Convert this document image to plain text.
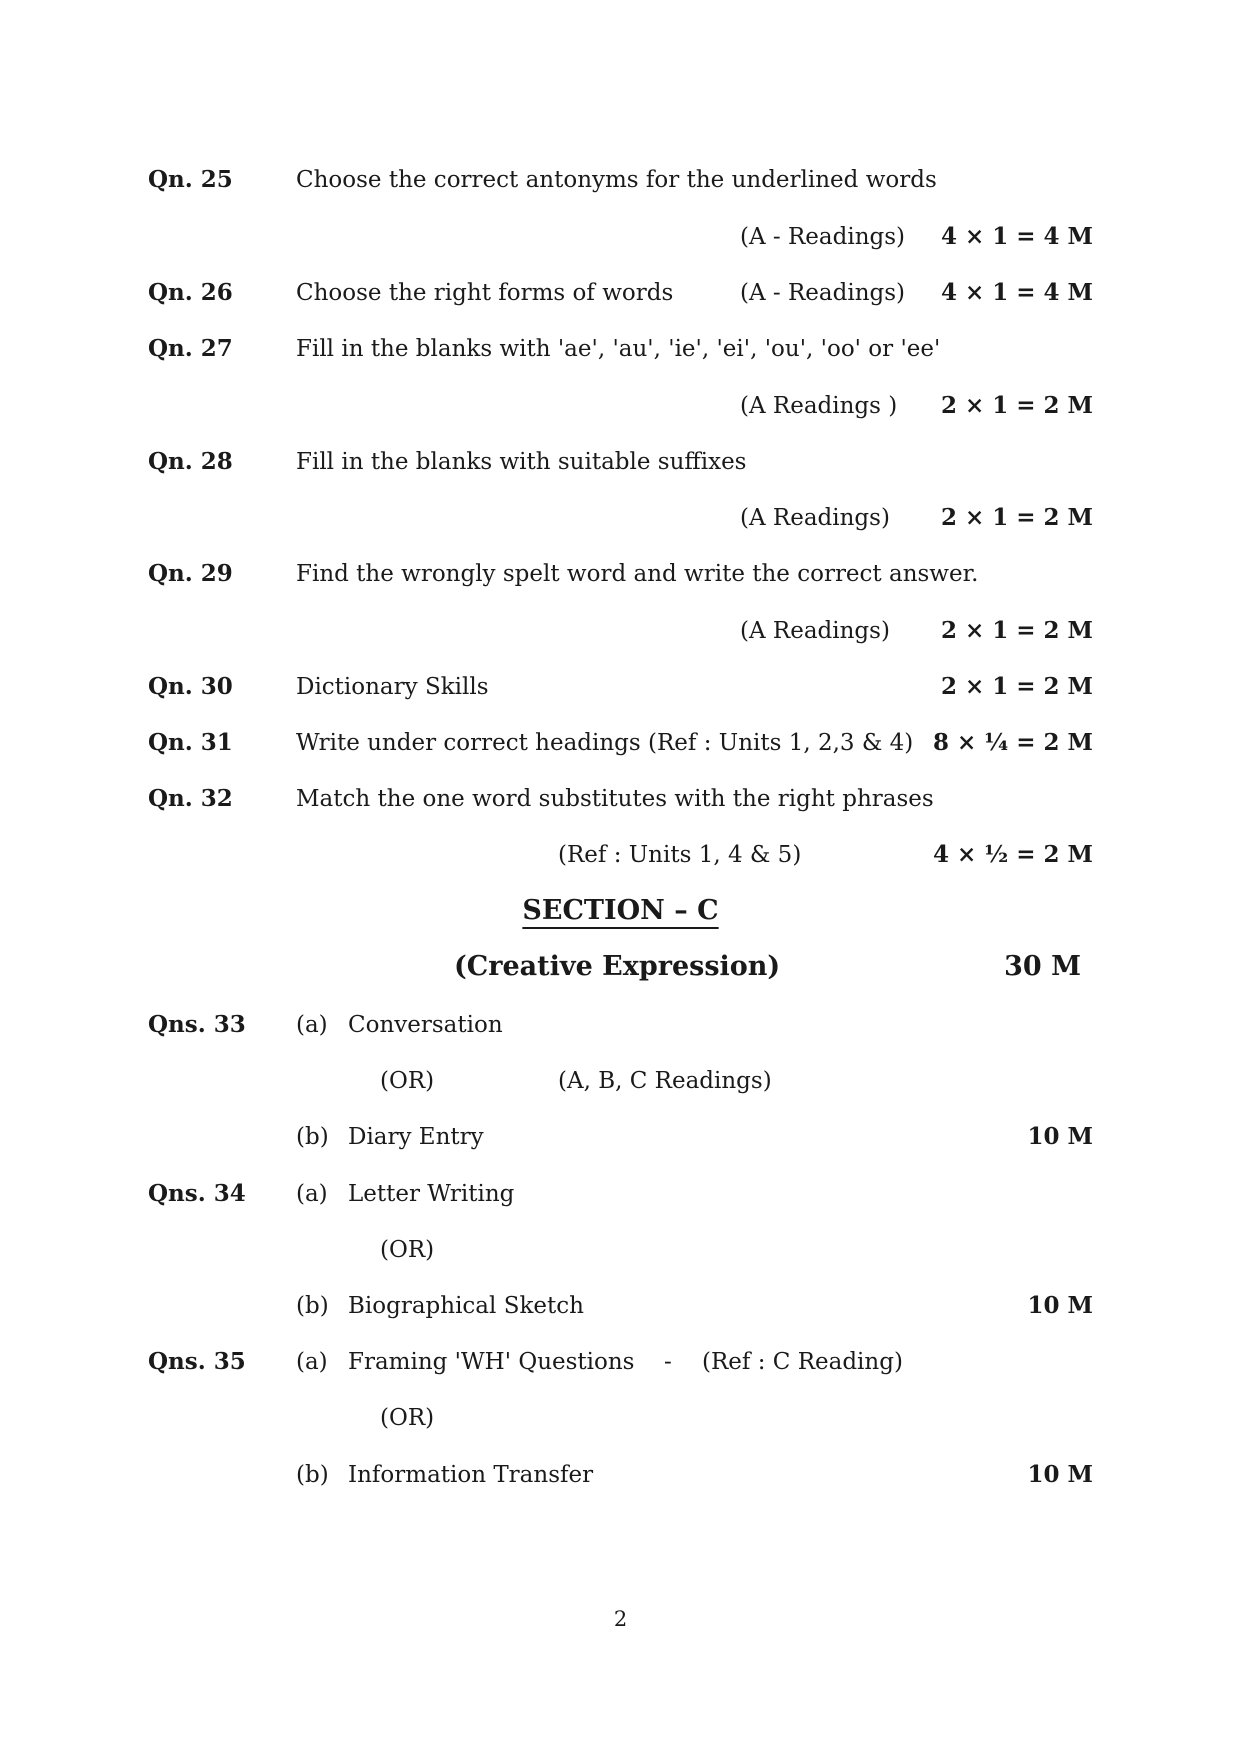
Qn. 25	Choose the correct antonyms for the underlined words
(A - Readings) 4 × 1 = 4 M
Qn. 26	Choose the right forms of words	(A - Readings) 4 × 1 = 4 M
Qn. 27	Fill in the blanks with 'ae', 'au', 'ie', 'ei', 'ou', 'oo' or 'ee'
(A Readings ) 2 × 1 = 2 M
Qn. 28	Fill in the blanks with suitable suffixes
(A Readings) 2 × 1 = 2 M
Qn. 29	Find the wrongly spelt word and write the correct answer.
(A Readings) 2 × 1 = 2 M
Qn. 30	Dictionary Skills	2 × 1 = 2 M
Qn. 31	Write under correct headings (Ref : Units 1, 2,3 & 4) 8 × ¼ = 2 M
Qn. 32	Match the one word substitutes with the right phrases
(Ref : Units 1, 4 & 5)	4 × ½ = 2 M
SECTION – C
(Creative Expression)	30 M
Qns. 33 (a) Conversation
(OR)	(A, B, C Readings)
(b) Diary Entry	10 M
Qns. 34 (a) Letter Writing
(OR)
(b) Biographical Sketch	10 M
Qns. 35 (a) Framing 'WH' Questions - (Ref : C Reading)
(OR)
(b) Information Transfer	10 M
2
